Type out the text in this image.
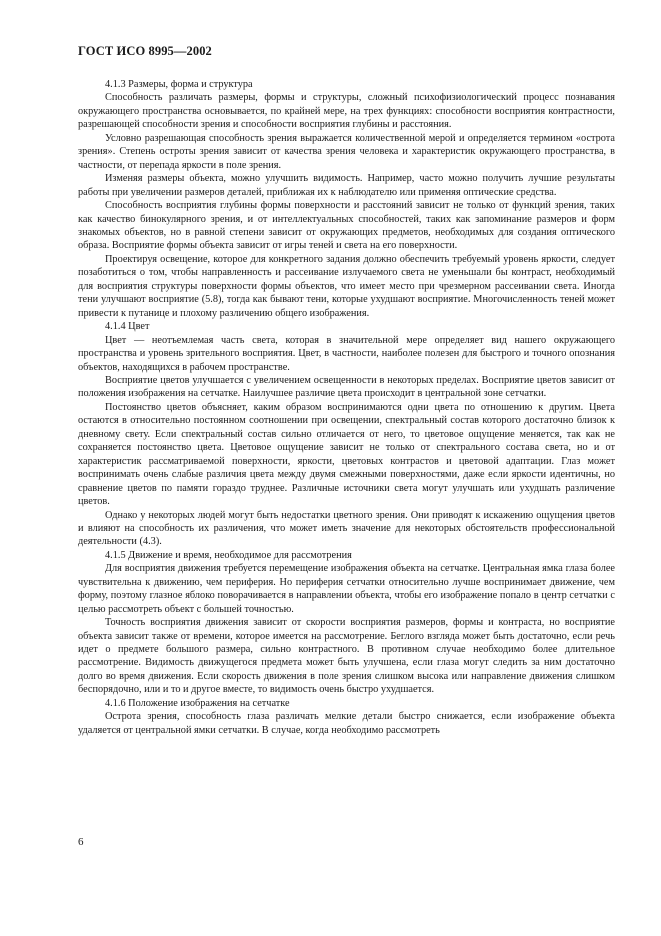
ГОСТ ИСО 8995—2002

4.1.3 Размеры, форма и структура

Способность различать размеры, формы и структуры, сложный психофизиологический процесс познавания окружающего пространства основывается, по крайней мере, на трех функциях: способности восприятия контрастности, разрешающей способности зрения и способности восприятия глубины и расстояния.

Условно разрешающая способность зрения выражается количественной мерой и определяется термином «острота зрения». Степень остроты зрения зависит от качества зрения человека и характеристик окружающего пространства, в частности, от перепада яркости в поле зрения.

Изменяя размеры объекта, можно улучшить видимость. Например, часто можно получить лучшие результаты работы при увеличении размеров деталей, приближая их к наблюдателю или применяя оптические средства.

Способность восприятия глубины формы поверхности и расстояний зависит не только от функций зрения, таких как качество бинокулярного зрения, и от интеллектуальных способностей, таких как запоминание размеров и форм знакомых объектов, но в равной степени зависит от окружающих предметов, необходимых для создания оптического образа. Восприятие формы объекта зависит от игры теней и света на его поверхности.

Проектируя освещение, которое для конкретного задания должно обеспечить требуемый уровень яркости, следует позаботиться о том, чтобы направленность и рассеивание излучаемого света не уменьшали бы контраст, необходимый для восприятия структуры поверхности формы объектов, что имеет место при чрезмерном рассеивании света. Иногда тени улучшают восприятие (5.8), тогда как бывают тени, которые ухудшают восприятие. Многочисленность теней может привести к путанице и плохому различению общего изображения.

4.1.4 Цвет

Цвет — неотъемлемая часть света, которая в значительной мере определяет вид нашего окружающего пространства и уровень зрительного восприятия. Цвет, в частности, наиболее полезен для быстрого и точного опознания объектов, находящихся в рабочем пространстве.

Восприятие цветов улучшается с увеличением освещенности в некоторых пределах. Восприятие цветов зависит от положения изображения на сетчатке. Наилучшее различие цвета происходит в центральной зоне сетчатки.

Постоянство цветов объясняет, каким образом воспринимаются одни цвета по отношению к другим. Цвета остаются в относительно постоянном соотношении при освещении, спектральный состав которого достаточно близок к дневному свету. Если спектральный состав сильно отличается от него, то цветовое ощущение меняется, так как не сохраняется постоянство цвета. Цветовое ощущение зависит не только от спектрального состава света, но и от характеристик рассматриваемой поверхности, яркости, цветовых контрастов и цветовой адаптации. Глаз может воспринимать очень слабые различия цвета между двумя смежными поверхностями, даже если яркости идентичны, но сравнение цветов по памяти гораздо труднее. Различные источники света могут улучшать или ухудшать различение цветов.

Однако у некоторых людей могут быть недостатки цветного зрения. Они приводят к искажению ощущения цветов и влияют на способность их различения, что может иметь значение для некоторых обстоятельств профессиональной деятельности (4.3).

4.1.5 Движение и время, необходимое для рассмотрения

Для восприятия движения требуется перемещение изображения объекта на сетчатке. Центральная ямка глаза более чувствительна к движению, чем периферия. Но периферия сетчатки относительно лучше воспринимает движение, чем форму, поэтому глазное яблоко поворачивается в направлении объекта, чтобы его изображение попало в центр сетчатки с целью рассмотреть объект с большей точностью.

Точность восприятия движения зависит от скорости восприятия размеров, формы и контраста, но восприятие объекта зависит также от времени, которое имеется на рассмотрение. Беглого взгляда может быть достаточно, если речь идет о предмете большого размера, сильно контрастного. В противном случае необходимо более длительное рассмотрение. Видимость движущегося предмета может быть улучшена, если глаза могут следить за ним достаточно долго во время движения. Если скорость движения в поле зрения слишком высока или направление движения слишком беспорядочно, или и то и другое вместе, то видимость очень быстро ухудшается.

4.1.6 Положение изображения на сетчатке

Острота зрения, способность глаза различать мелкие детали быстро снижается, если изображение объекта удаляется от центральной ямки сетчатки. В случае, когда необходимо рассмотреть

6
